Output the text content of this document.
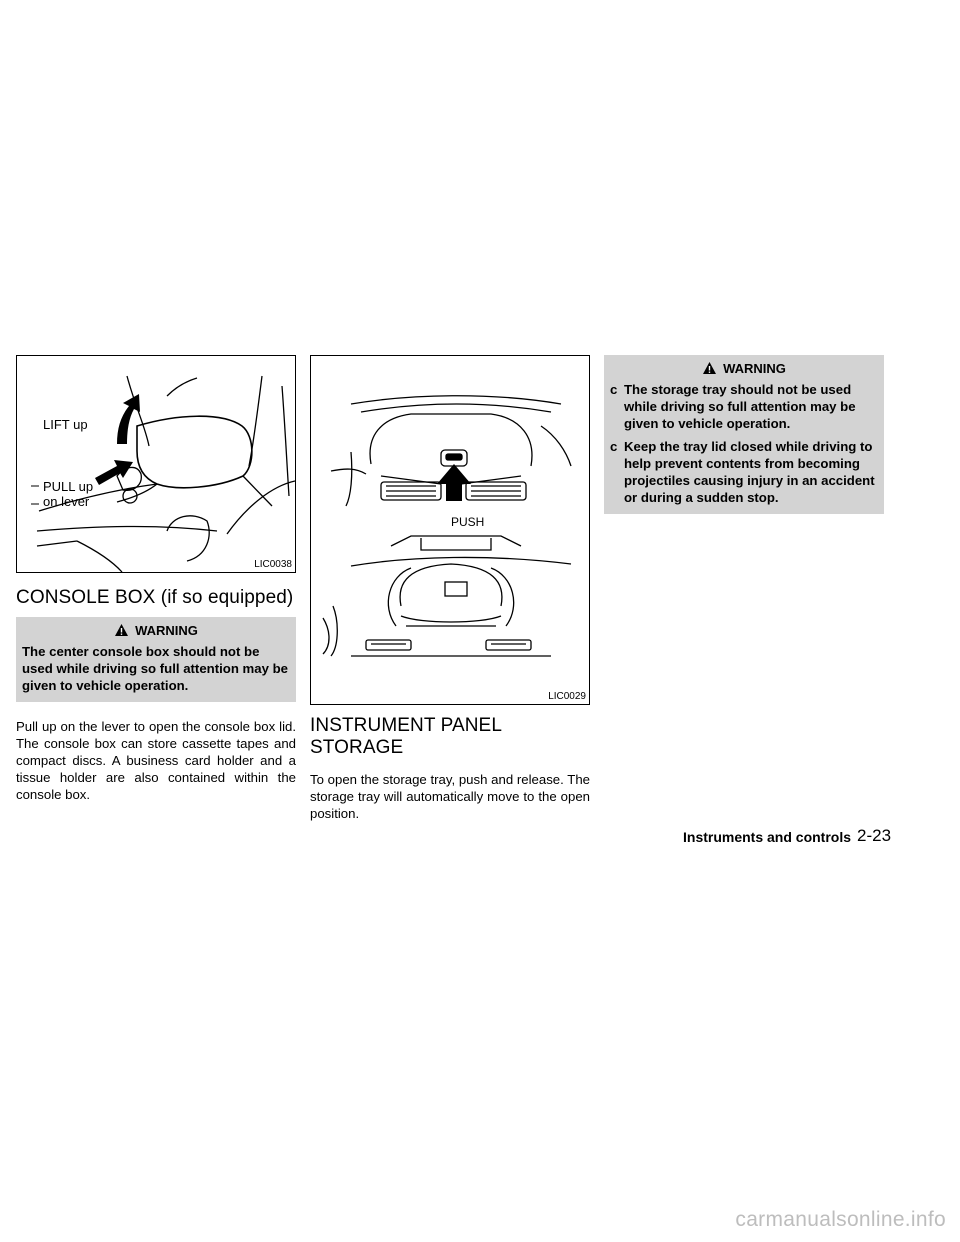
LIFT up
PULL up
on lever
LIC0038
CONSOLE BOX (if so equipped)
WARNING
The center console box should not be used while driving so full attention may be given to vehicle operation.

Pull up on the lever to open the console box lid. The console box can store cassette tapes and compact discs. A business card holder and a tissue holder are also contained within the console box.

PUSH
LIC0029
INSTRUMENT PANEL STORAGE

To open the storage tray, push and release. The storage tray will automatically move to the open position.

WARNING
c The storage tray should not be used while driving so full attention may be given to vehicle operation.
c Keep the tray lid closed while driving to help prevent contents from becoming projectiles causing injury in an accident or during a sudden stop.
Instruments and controls 2-23
carmanualsonline.info
